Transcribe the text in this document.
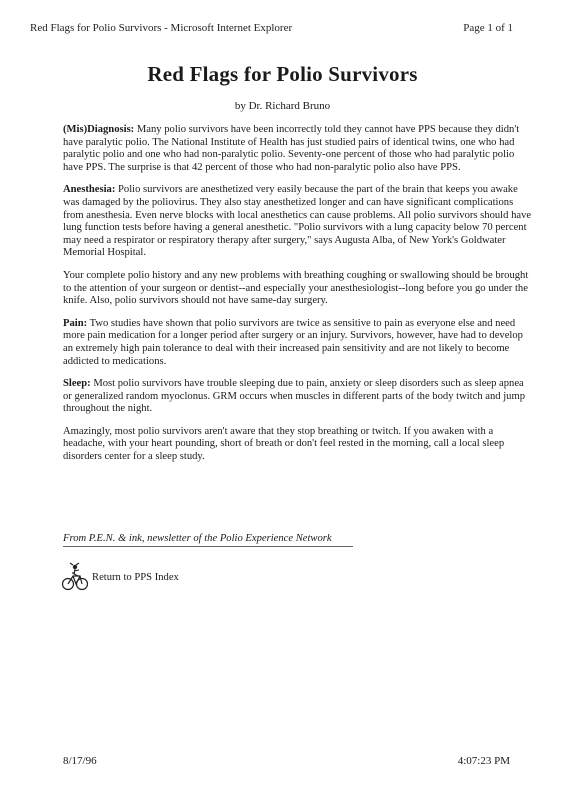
Red Flags for Polio Survivors - Microsoft Internet Explorer	Page 1 of 1
Red Flags for Polio Survivors
by Dr. Richard Bruno

(Mis)Diagnosis: Many polio survivors have been incorrectly told they cannot have PPS because they didn't have paralytic polio. The National Institute of Health has just studied pairs of identical twins, one who had paralytic polio and one who had non-paralytic polio. Seventy-one percent of those who had paralytic polio have PPS. The surprise is that 42 percent of those who had non-paralytic polio also have PPS.

Anesthesia: Polio survivors are anesthetized very easily because the part of the brain that keeps you awake was damaged by the poliovirus. They also stay anesthetized longer and can have significant complications from anesthesia. Even nerve blocks with local anesthetics can cause problems. All polio survivors should have lung function tests before having a general anesthetic. "Polio survivors with a lung capacity below 70 percent may need a respirator or respiratory therapy after surgery," says Augusta Alba, of New York's Goldwater Memorial Hospital.

Your complete polio history and any new problems with breathing coughing or swallowing should be brought to the attention of your surgeon or dentist--and especially your anesthesiologist--long before you go under the knife. Also, polio survivors should not have same-day surgery.

Pain: Two studies have shown that polio survivors are twice as sensitive to pain as everyone else and need more pain medication for a longer period after surgery or an injury. Survivors, however, have had to develop an extremely high pain tolerance to deal with their increased pain sensitivity and are not likely to become addicted to medications.

Sleep: Most polio survivors have trouble sleeping due to pain, anxiety or sleep disorders such as sleep apnea or generalized random myoclonus. GRM occurs when muscles in different parts of the body twitch and jump throughout the night.

Amazingly, most polio survivors aren't aware that they stop breathing or twitch. If you awaken with a headache, with your heart pounding, short of breath or don't feel rested in the morning, call a local sleep disorders center for a sleep study.

From P.E.N. & ink, newsletter of the Polio Experience Network
Return to PPS Index
8/17/96	4:07:23 PM
